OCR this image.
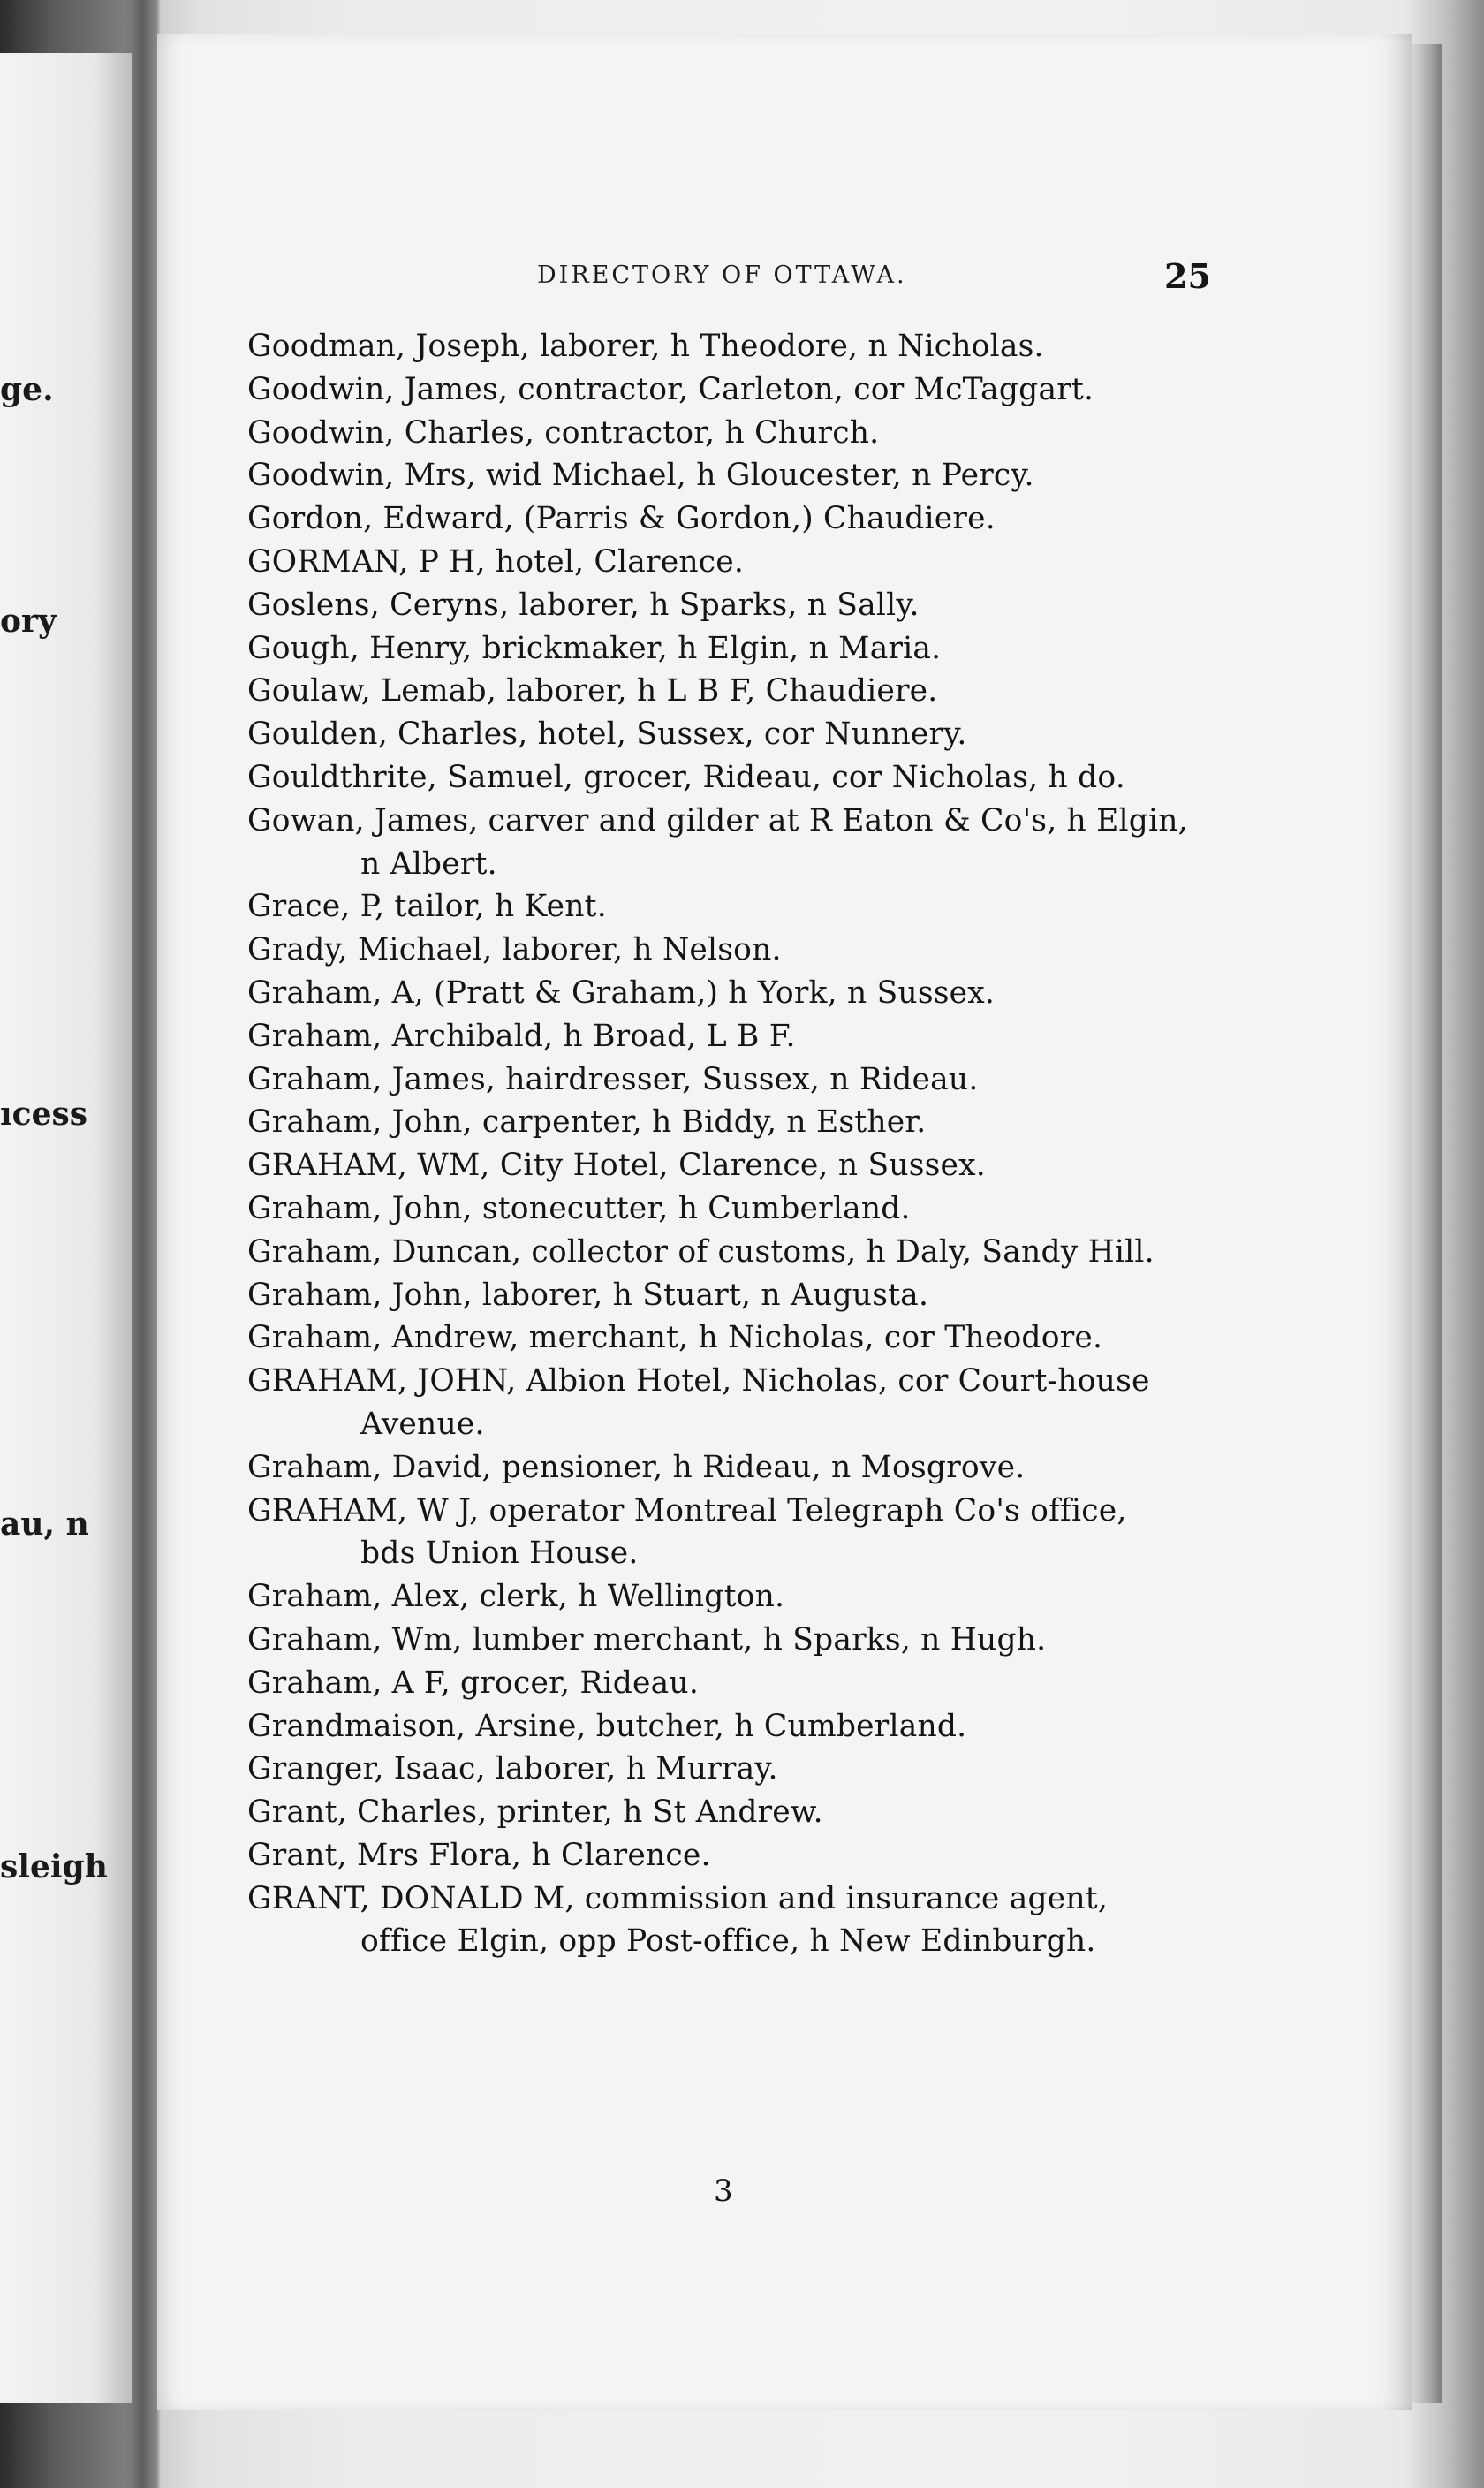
ge.
ory
ıcess
au, n
sleigh
DIRECTORY OF OTTAWA.	25
Goodman, Joseph, laborer, h Theodore, n Nicholas.
Goodwin, James, contractor, Carleton, cor McTaggart.
Goodwin, Charles, contractor, h Church.
Goodwin, Mrs, wid Michael, h Gloucester, n Percy.
Gordon, Edward, (Parris & Gordon,) Chaudiere.
GORMAN, P H, hotel, Clarence.
Goslens, Ceryns, laborer, h Sparks, n Sally.
Gough, Henry, brickmaker, h Elgin, n Maria.
Goulaw, Lemab, laborer, h L B F, Chaudiere.
Goulden, Charles, hotel, Sussex, cor Nunnery.
Gouldthrite, Samuel, grocer, Rideau, cor Nicholas, h do.
Gowan, James, carver and gilder at R Eaton & Co's, h Elgin,
n Albert.
Grace, P, tailor, h Kent.
Grady, Michael, laborer, h Nelson.
Graham, A, (Pratt & Graham,) h York, n Sussex.
Graham, Archibald, h Broad, L B F.
Graham, James, hairdresser, Sussex, n Rideau.
Graham, John, carpenter, h Biddy, n Esther.
GRAHAM, WM, City Hotel, Clarence, n Sussex.
Graham, John, stonecutter, h Cumberland.
Graham, Duncan, collector of customs, h Daly, Sandy Hill.
Graham, John, laborer, h Stuart, n Augusta.
Graham, Andrew, merchant, h Nicholas, cor Theodore.
GRAHAM, JOHN, Albion Hotel, Nicholas, cor Court-house
Avenue.
Graham, David, pensioner, h Rideau, n Mosgrove.
GRAHAM, W J, operator Montreal Telegraph Co's office,
bds Union House.
Graham, Alex, clerk, h Wellington.
Graham, Wm, lumber merchant, h Sparks, n Hugh.
Graham, A F, grocer, Rideau.
Grandmaison, Arsine, butcher, h Cumberland.
Granger, Isaac, laborer, h Murray.
Grant, Charles, printer, h St Andrew.
Grant, Mrs Flora, h Clarence.
GRANT, DONALD M, commission and insurance agent,
office Elgin, opp Post-office, h New Edinburgh.
3
